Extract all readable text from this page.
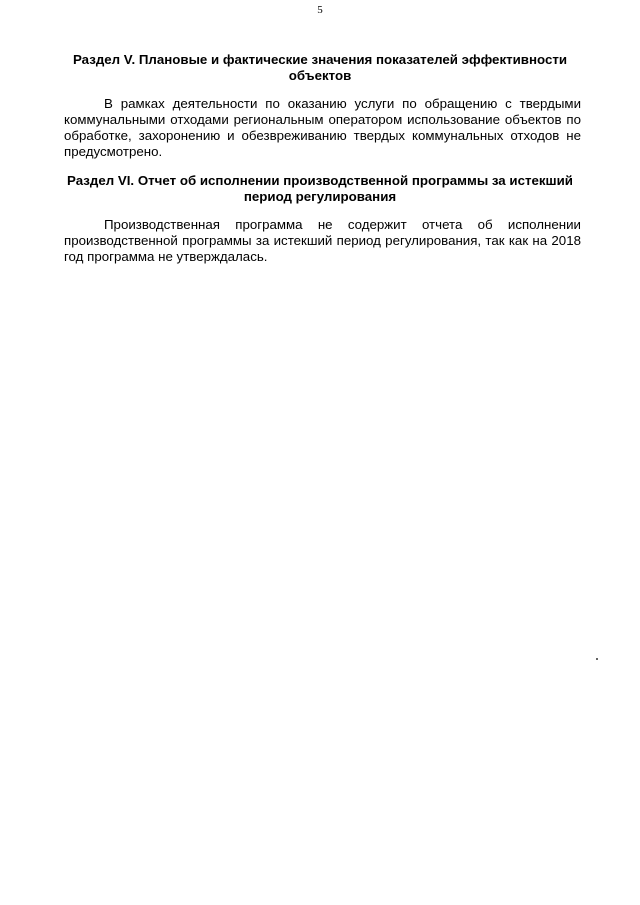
5
Раздел V. Плановые и фактические значения показателей эффективности объектов
В рамках деятельности по оказанию услуги по обращению с твердыми коммунальными отходами региональным оператором использование объектов по обработке, захоронению и обезвреживанию твердых коммунальных отходов не предусмотрено.
Раздел VI. Отчет об исполнении производственной программы за истекший период регулирования
Производственная программа не содержит отчета об исполнении производственной программы за истекший период регулирования, так как на 2018 год программа не утверждалась.
